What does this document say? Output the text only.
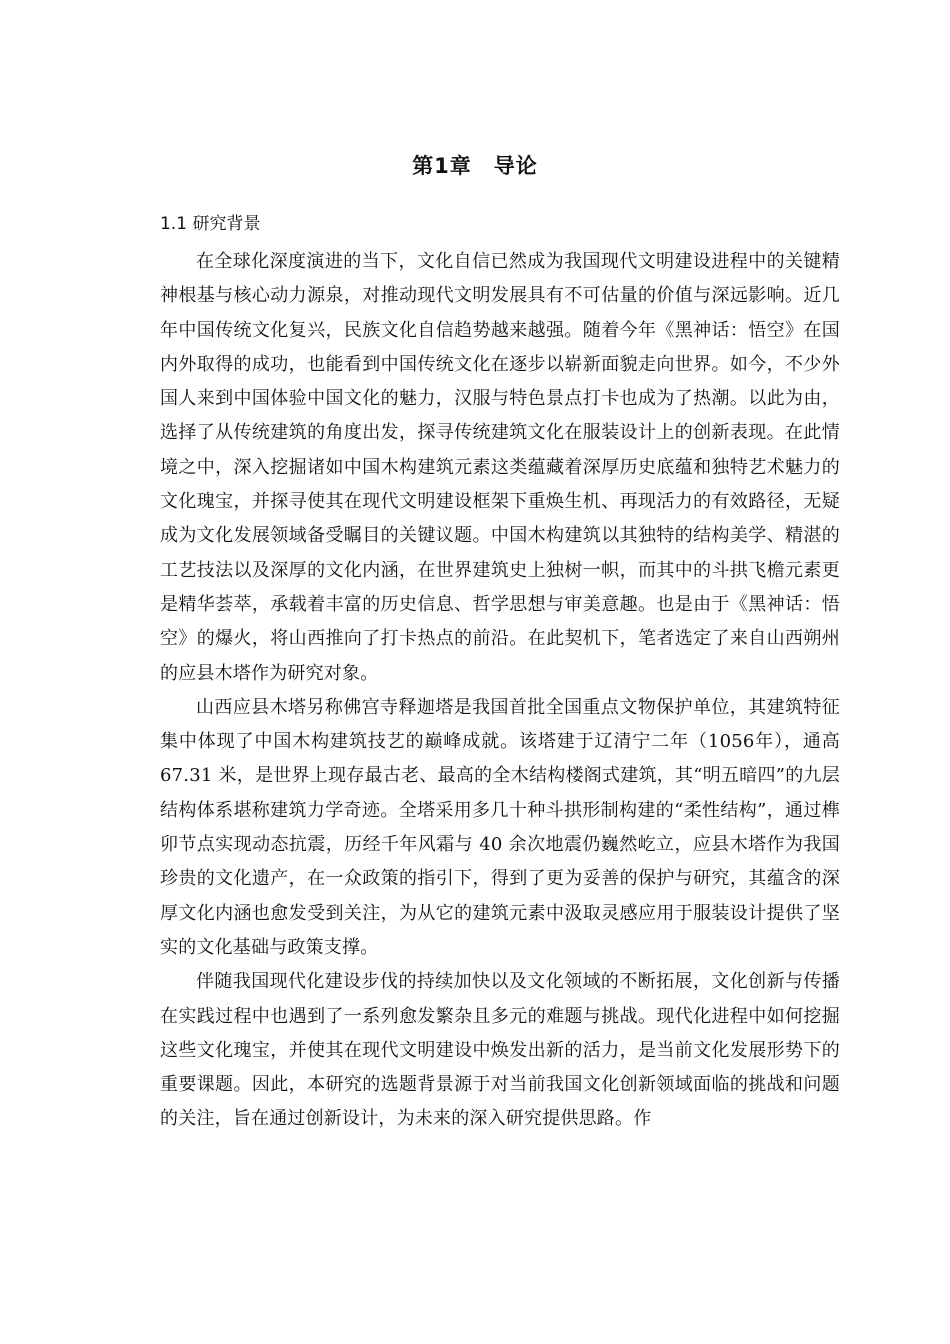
第1章　导论
1.1 研究背景

在全球化深度演进的当下，文化自信已然成为我国现代文明建设进程中的关键精神根基与核心动力源泉，对推动现代文明发展具有不可估量的价值与深远影响。近几年中国传统文化复兴，民族文化自信趋势越来越强。随着今年《黑神话：悟空》在国内外取得的成功，也能看到中国传统文化在逐步以崭新面貌走向世界。如今，不少外国人来到中国体验中国文化的魅力，汉服与特色景点打卡也成为了热潮。以此为由，选择了从传统建筑的角度出发，探寻传统建筑文化在服装设计上的创新表现。在此情境之中，深入挖掘诸如中国木构建筑元素这类蕴藏着深厚历史底蕴和独特艺术魅力的文化瑰宝，并探寻使其在现代文明建设框架下重焕生机、再现活力的有效路径，无疑成为文化发展领域备受瞩目的关键议题。中国木构建筑以其独特的结构美学、精湛的工艺技法以及深厚的文化内涵，在世界建筑史上独树一帜，而其中的斗拱飞檐元素更是精华荟萃，承载着丰富的历史信息、哲学思想与审美意趣。也是由于《黑神话：悟空》的爆火，将山西推向了打卡热点的前沿。在此契机下，笔者选定了来自山西朔州的应县木塔作为研究对象。

山西应县木塔另称佛宫寺释迦塔是我国首批全国重点文物保护单位，其建筑特征集中体现了中国木构建筑技艺的巅峰成就。该塔建于辽清宁二年（1056年），通高 67.31 米，是世界上现存最古老、最高的全木结构楼阁式建筑，其“明五暗四”的九层结构体系堪称建筑力学奇迹。全塔采用多几十种斗拱形制构建的“柔性结构”，通过榫卯节点实现动态抗震，历经千年风霜与 40 余次地震仍巍然屹立，应县木塔作为我国珍贵的文化遗产，在一众政策的指引下，得到了更为妥善的保护与研究，其蕴含的深厚文化内涵也愈发受到关注，为从它的建筑元素中汲取灵感应用于服装设计提供了坚实的文化基础与政策支撑。

伴随我国现代化建设步伐的持续加快以及文化领域的不断拓展，文化创新与传播在实践过程中也遇到了一系列愈发繁杂且多元的难题与挑战。现代化进程中如何挖掘这些文化瑰宝，并使其在现代文明建设中焕发出新的活力，是当前文化发展形势下的重要课题。因此，本研究的选题背景源于对当前我国文化创新领域面临的挑战和问题的关注，旨在通过创新设计，为未来的深入研究提供思路。作
